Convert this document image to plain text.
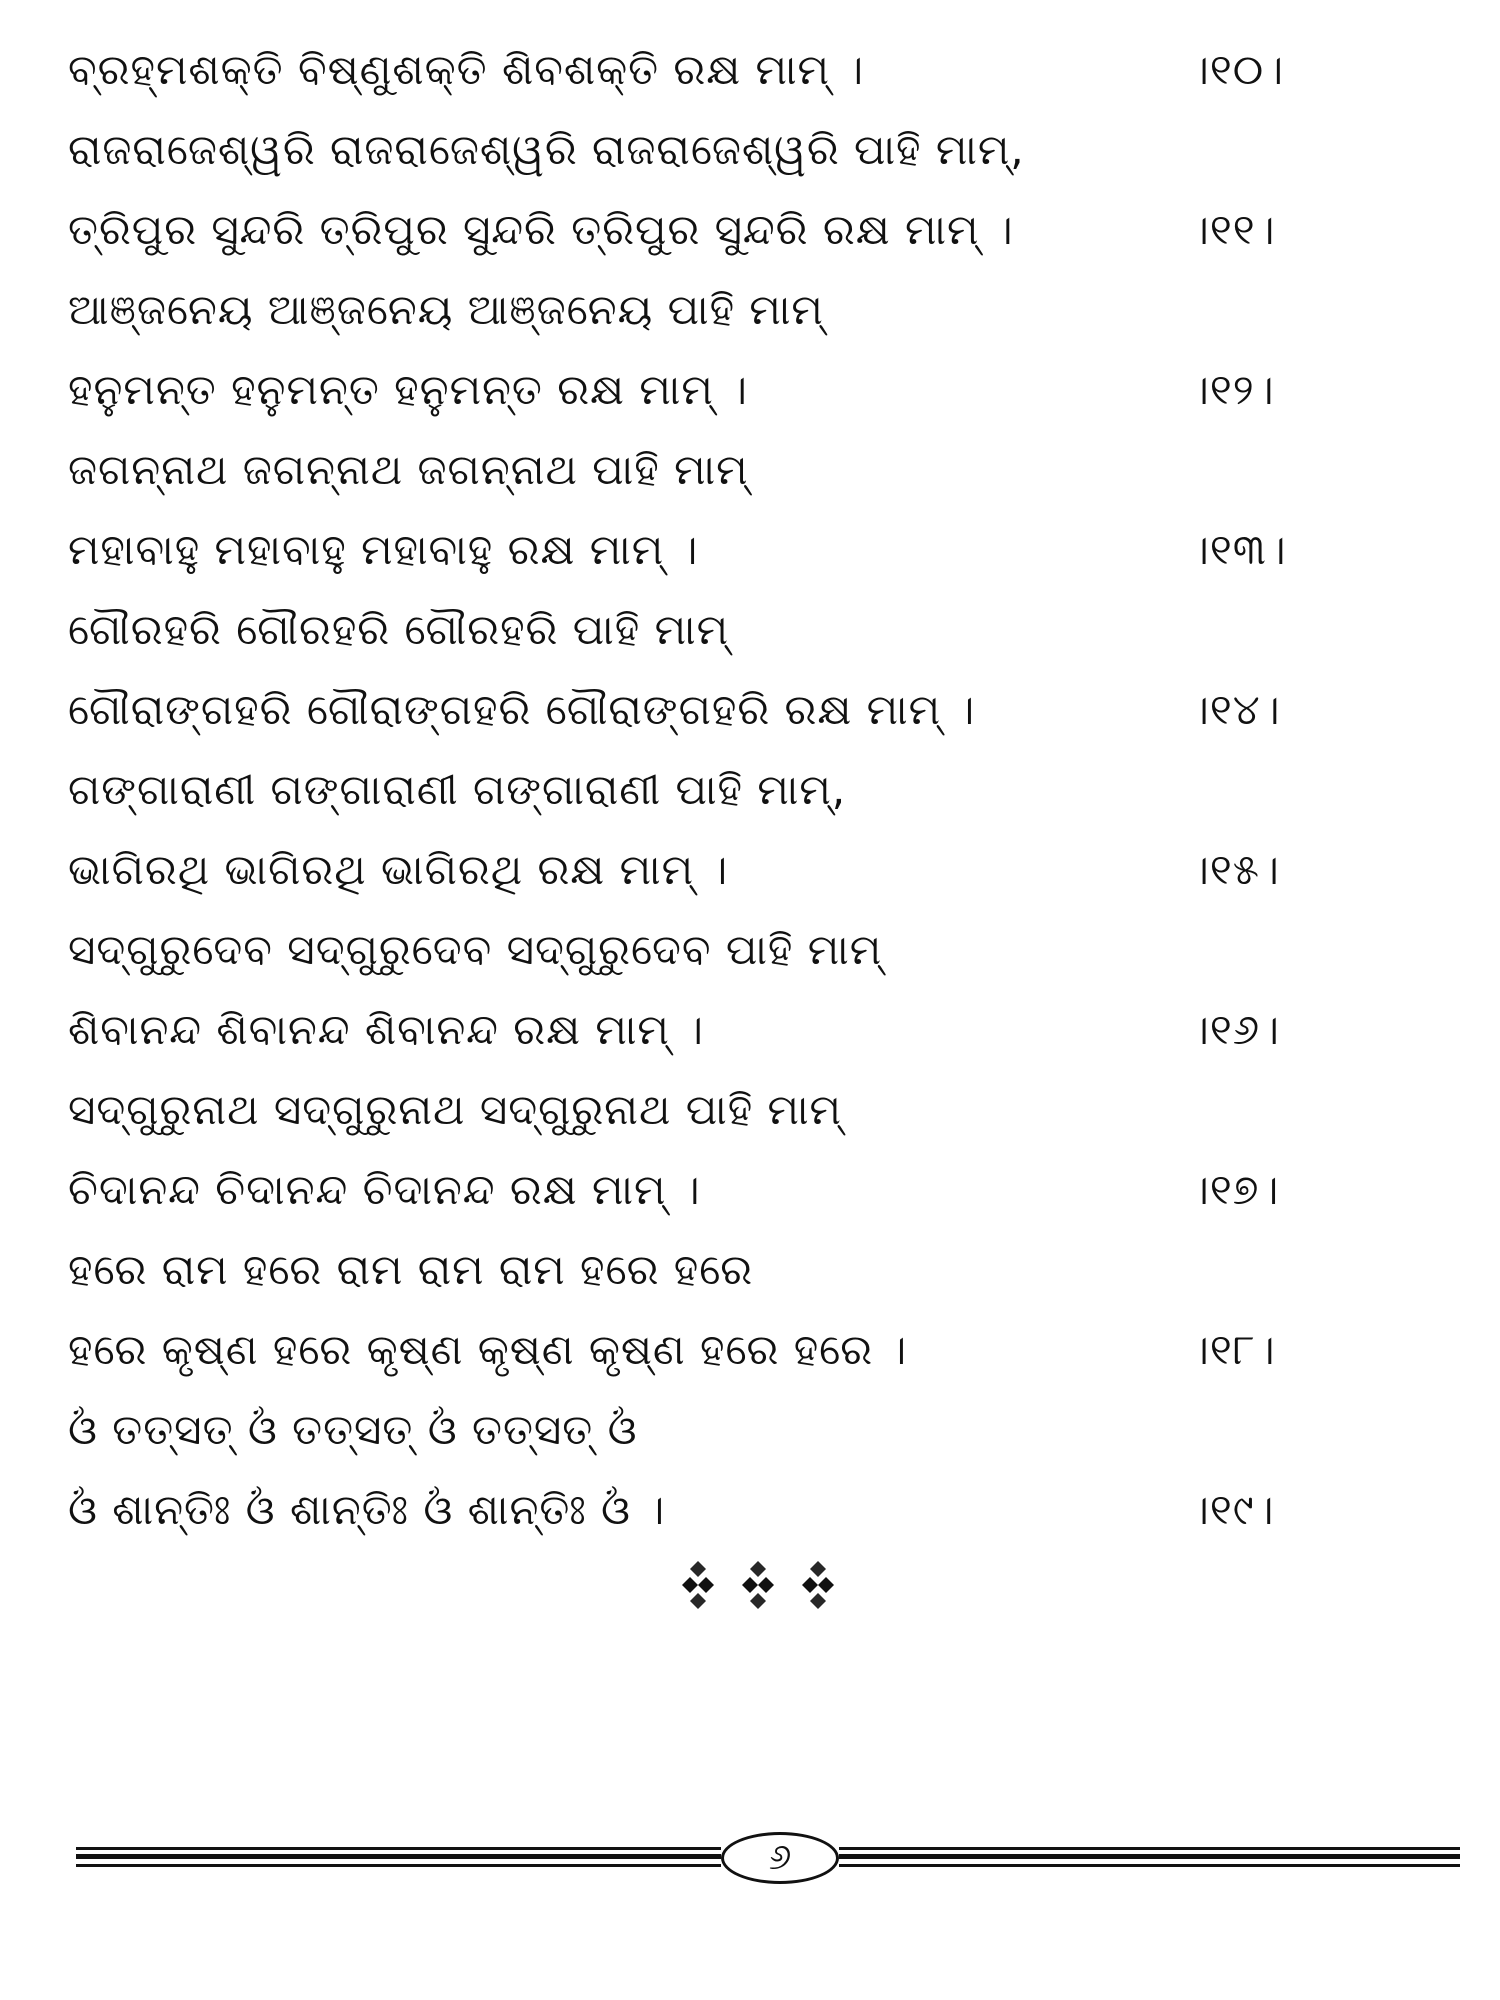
ବ୍ରହ୍ମଶକ୍ତି ବିଷ୍ଣୁଶକ୍ତି ଶିବଶକ୍ତି ରକ୍ଷ ମାମ୍ ।	।୧୦।
ରାଜରାଜେଶ୍ୱରି ରାଜରାଜେଶ୍ୱରି ରାଜରାଜେଶ୍ୱରି ପାହି ମାମ୍,
ତ୍ରିପୁର ସୁନ୍ଦରି ତ୍ରିପୁର ସୁନ୍ଦରି ତ୍ରିପୁର ସୁନ୍ଦରି ରକ୍ଷ ମାମ୍ ।	।୧୧।
ଆଞ୍ଜନେୟ ଆଞ୍ଜନେୟ ଆଞ୍ଜନେୟ ପାହି ମାମ୍
ହନୁମନ୍ତ ହନୁମନ୍ତ ହନୁମନ୍ତ ରକ୍ଷ ମାମ୍ ।	।୧୨।
ଜଗନ୍ନାଥ ଜଗନ୍ନାଥ ଜଗନ୍ନାଥ ପାହି ମାମ୍
ମହାବାହୁ ମହାବାହୁ ମହାବାହୁ ରକ୍ଷ ମାମ୍ ।	।୧୩।
ଗୌରହରି ଗୌରହରି ଗୌରହରି ପାହି ମାମ୍
ଗୌରାଙ୍ଗହରି ଗୌରାଙ୍ଗହରି ଗୌରାଙ୍ଗହରି ରକ୍ଷ ମାମ୍ ।	।୧୪।
ଗଙ୍ଗାରାଣୀ ଗଙ୍ଗାରାଣୀ ଗଙ୍ଗାରାଣୀ ପାହି ମାମ୍,
ଭାଗିରଥି ଭାଗିରଥି ଭାଗିରଥି ରକ୍ଷ ମାମ୍ ।	।୧୫।
ସଦ୍‌ଗୁରୁଦେବ ସଦ୍‌ଗୁରୁଦେବ ସଦ୍‌ଗୁରୁଦେବ ପାହି ମାମ୍
ଶିବାନନ୍ଦ ଶିବାନନ୍ଦ ଶିବାନନ୍ଦ ରକ୍ଷ ମାମ୍ ।	।୧୬।
ସଦ୍‌ଗୁରୁନାଥ ସଦ୍‌ଗୁରୁନାଥ ସଦ୍‌ଗୁରୁନାଥ ପାହି ମାମ୍
ଚିଦାନନ୍ଦ ଚିଦାନନ୍ଦ ଚିଦାନନ୍ଦ ରକ୍ଷ ମାମ୍ ।	।୧୭।
ହରେ ରାମ ହରେ ରାମ ରାମ ରାମ ହରେ ହରେ
ହରେ କୃଷ୍ଣ ହରେ କୃଷ୍ଣ କୃଷ୍ଣ କୃଷ୍ଣ ହରେ ହରେ ।	।୧୮।
ଓଁ ତତ୍‌ସତ୍ ଓଁ ତତ୍‌ସତ୍ ଓଁ ତତ୍‌ସତ୍ ଓଁ
ଓଁ ଶାନ୍ତିଃ ଓଁ ଶାନ୍ତିଃ ଓଁ ଶାନ୍ତିଃ ଓଁ ।	।୧୯।
୬
